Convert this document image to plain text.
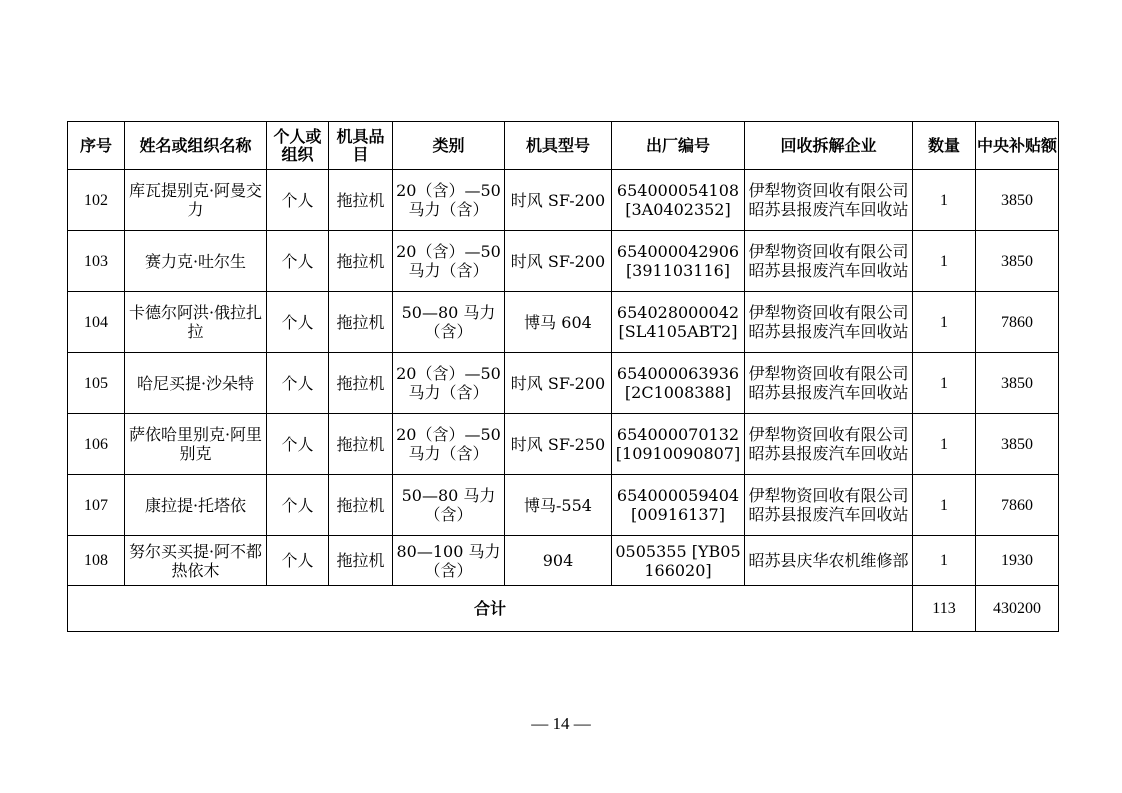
序号	姓名或组织名称	个人或组织	机具品目	类别	机具型号	出厂编号	回收拆解企业	数量	中央补贴额
102	库瓦提别克·阿曼交力	个人	拖拉机	20（含）—50马力（含）	时风 SF-200	654000054108 [3A0402352]	伊犁物资回收有限公司昭苏县报废汽车回收站	1	3850
103	赛力克·吐尔生	个人	拖拉机	20（含）—50马力（含）	时风 SF-200	654000042906 [391103116]	伊犁物资回收有限公司昭苏县报废汽车回收站	1	3850
104	卡德尔阿洪·俄拉扎拉	个人	拖拉机	50—80 马力（含）	博马 604	654028000042 [SL4105ABT2]	伊犁物资回收有限公司昭苏县报废汽车回收站	1	7860
105	哈尼买提·沙朵特	个人	拖拉机	20（含）—50马力（含）	时风 SF-200	654000063936 [2C1008388]	伊犁物资回收有限公司昭苏县报废汽车回收站	1	3850
106	萨依哈里别克·阿里别克	个人	拖拉机	20（含）—50马力（含）	时风 SF-250	654000070132 [10910090807]	伊犁物资回收有限公司昭苏县报废汽车回收站	1	3850
107	康拉提·托塔依	个人	拖拉机	50—80 马力（含）	博马-554	654000059404 [00916137]	伊犁物资回收有限公司昭苏县报废汽车回收站	1	7860
108	努尔买买提·阿不都热依木	个人	拖拉机	80—100 马力（含）	904	0505355 [YB05166020]	昭苏县庆华农机维修部	1	1930
合计								113	430200
— 14 —
